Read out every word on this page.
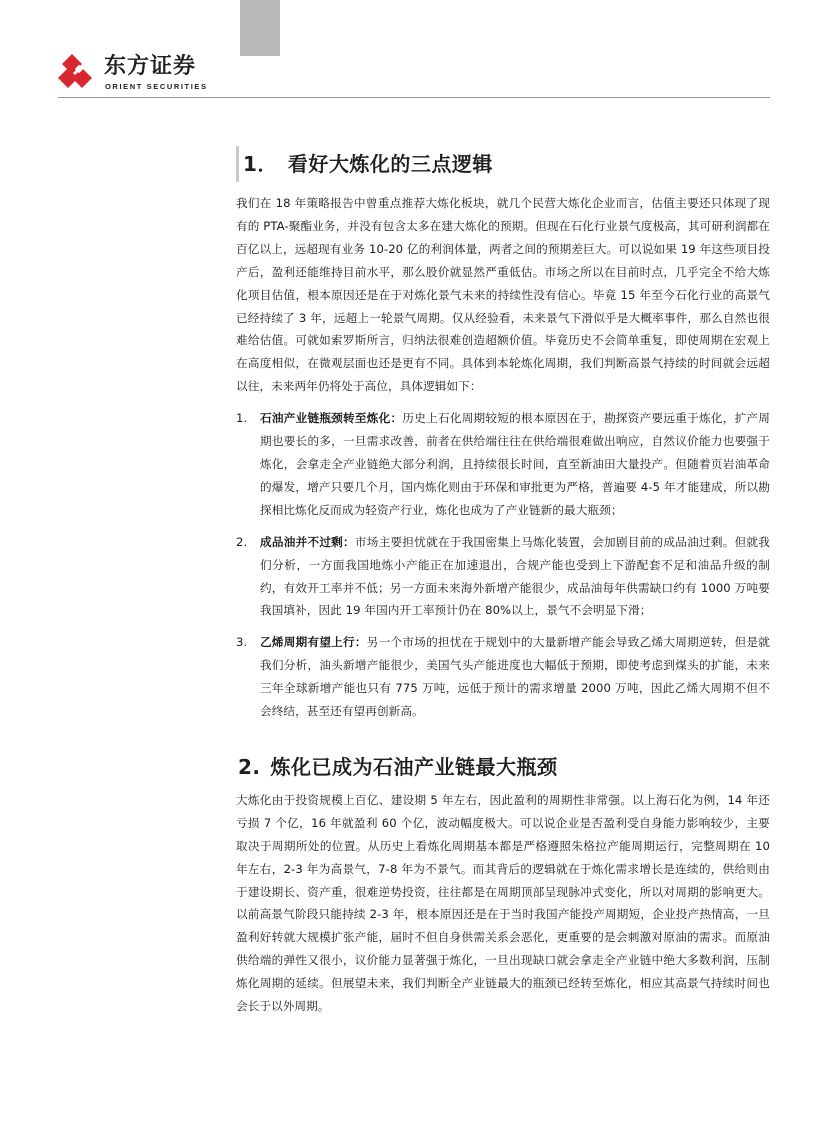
东方证券
ORIENT SECURITIES
1． 看好大炼化的三点逻辑

我们在 18 年策略报告中曾重点推荐大炼化板块，就几个民营大炼化企业而言，估值主要还只体现了现有的 PTA-聚酯业务，并没有包含太多在建大炼化的预期。但现在石化行业景气度极高，其可研利润都在百亿以上，远超现有业务 10-20 亿的利润体量，两者之间的预期差巨大。可以说如果 19 年这些项目投产后，盈利还能维持目前水平，那么股价就显然严重低估。市场之所以在目前时点，几乎完全不给大炼化项目估值，根本原因还是在于对炼化景气未来的持续性没有信心。毕竟 15 年至今石化行业的高景气已经持续了 3 年，远超上一轮景气周期。仅从经验看，未来景气下滑似乎是大概率事件，那么自然也很难给估值。可就如索罗斯所言，归纳法很难创造超额价值。毕竟历史不会简单重复，即使周期在宏观上在高度相似，在微观层面也还是更有不同。具体到本轮炼化周期，我们判断高景气持续的时间就会远超以往，未来两年仍将处于高位，具体逻辑如下：

1. 石油产业链瓶颈转至炼化：历史上石化周期较短的根本原因在于，勘探资产要远重于炼化，扩产周期也要长的多，一旦需求改善，前者在供给端往往在供给端很难做出响应，自然议价能力也要强于炼化，会拿走全产业链绝大部分利润，且持续很长时间，直至新油田大量投产。但随着页岩油革命的爆发，增产只要几个月，国内炼化则由于环保和审批更为严格，普遍要 4-5 年才能建成，所以勘探相比炼化反而成为轻资产行业，炼化也成为了产业链新的最大瓶颈；
2. 成品油并不过剩：市场主要担忧就在于我国密集上马炼化装置，会加剧目前的成品油过剩。但就我们分析，一方面我国地炼小产能正在加速退出，合规产能也受到上下游配套不足和油品升级的制约，有效开工率并不低；另一方面未来海外新增产能很少，成品油每年供需缺口约有 1000 万吨要我国填补，因此 19 年国内开工率预计仍在 80%以上，景气不会明显下滑；
3. 乙烯周期有望上行：另一个市场的担忧在于规划中的大量新增产能会导致乙烯大周期逆转，但是就我们分析，油头新增产能很少，美国气头产能进度也大幅低于预期，即使考虑到煤头的扩能，未来三年全球新增产能也只有 775 万吨，远低于预计的需求增量 2000 万吨，因此乙烯大周期不但不会终结，甚至还有望再创新高。
2. 炼化已成为石油产业链最大瓶颈

大炼化由于投资规模上百亿、建设期 5 年左右，因此盈利的周期性非常强。以上海石化为例，14 年还亏损 7 个亿，16 年就盈利 60 个亿，波动幅度极大。可以说企业是否盈利受自身能力影响较少，主要取决于周期所处的位置。从历史上看炼化周期基本都是严格遵照朱格拉产能周期运行，完整周期在 10 年左右，2-3 年为高景气，7-8 年为不景气。而其背后的逻辑就在于炼化需求增长是连续的，供给则由于建设期长、资产重，很难逆势投资，往往都是在周期顶部呈现脉冲式变化，所以对周期的影响更大。以前高景气阶段只能持续 2-3 年，根本原因还是在于当时我国产能投产周期短，企业投产热情高，一旦盈利好转就大规模扩张产能，届时不但自身供需关系会恶化，更重要的是会刺激对原油的需求。而原油供给端的弹性又很小，议价能力显著强于炼化，一旦出现缺口就会拿走全产业链中绝大多数利润，压制炼化周期的延续。但展望未来，我们判断全产业链最大的瓶颈已经转至炼化，相应其高景气持续时间也会长于以外周期。
